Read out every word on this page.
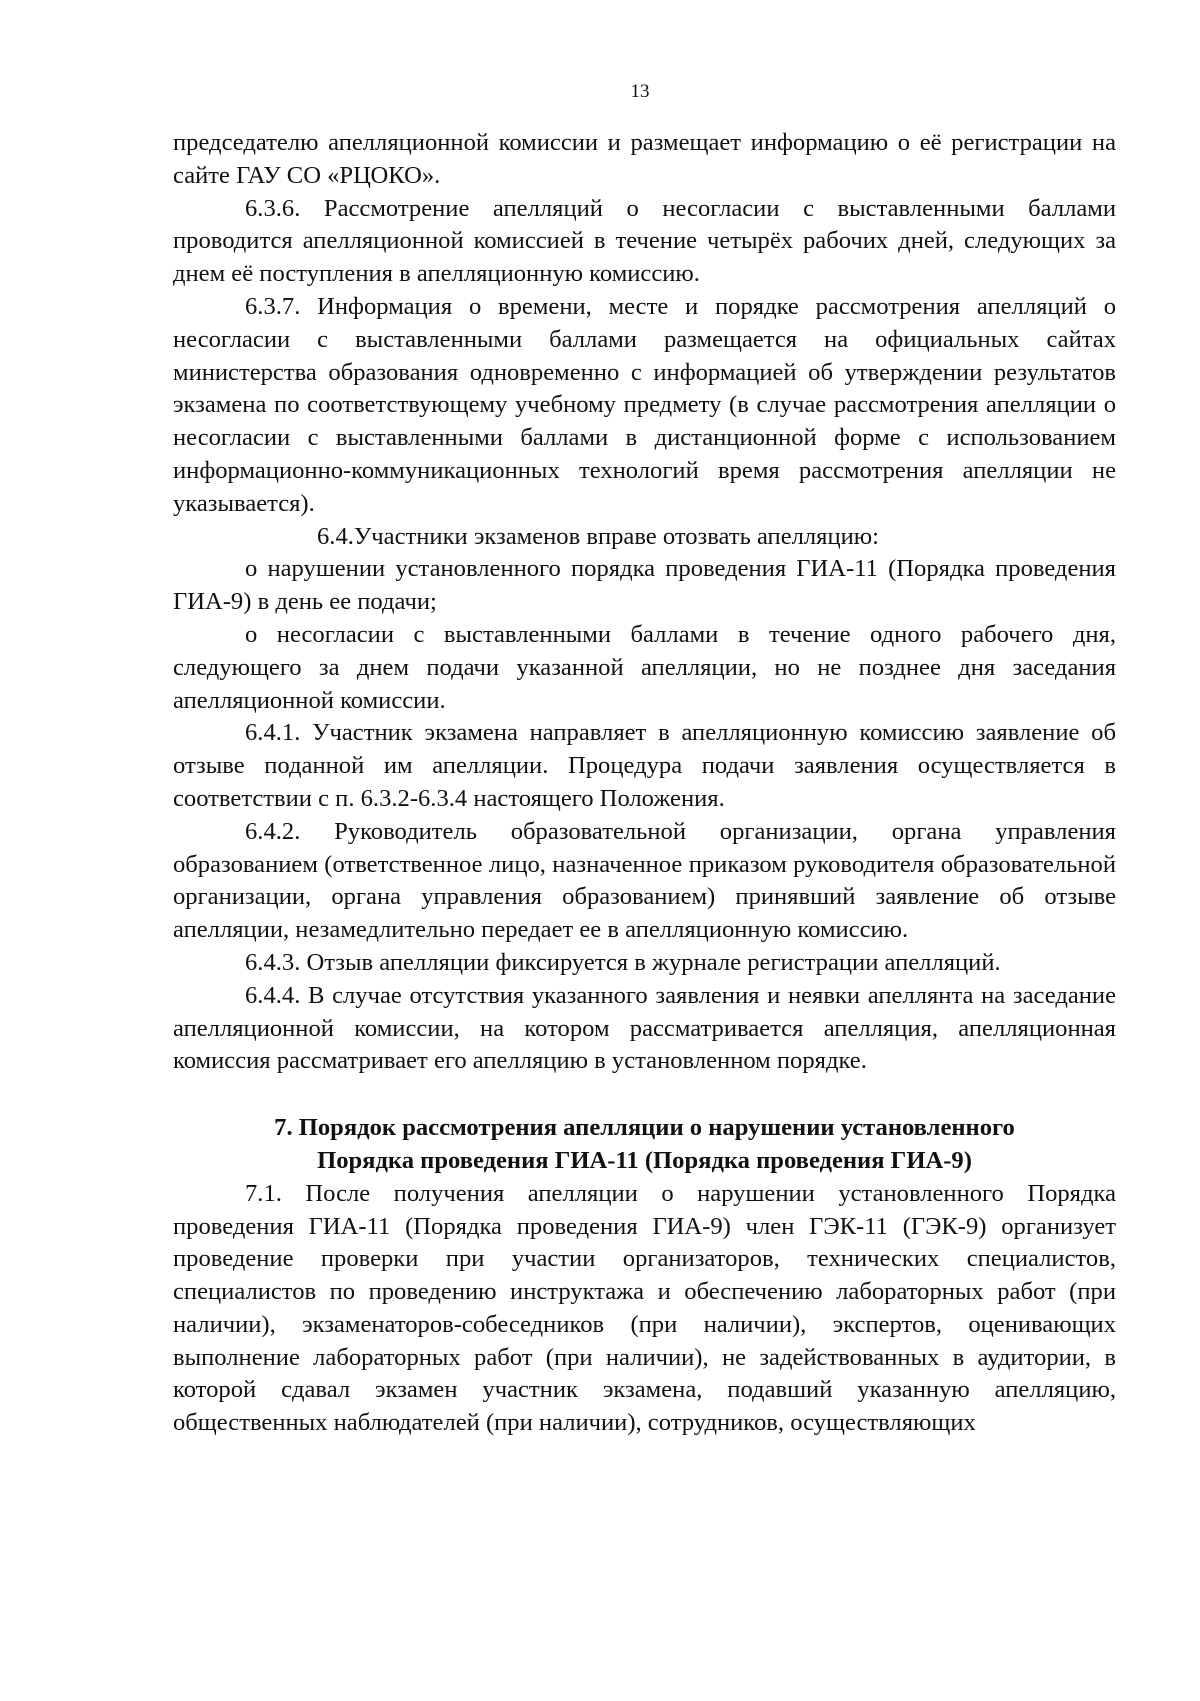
13

председателю апелляционной комиссии и размещает информацию о её регистрации на сайте ГАУ СО «РЦОКО».

6.3.6. Рассмотрение апелляций о несогласии с выставленными баллами проводится апелляционной комиссией в течение четырёх рабочих дней, следующих за днем её поступления в апелляционную комиссию.

6.3.7. Информация о времени, месте и порядке рассмотрения апелляций о несогласии с выставленными баллами размещается на официальных сайтах министерства образования одновременно с информацией об утверждении результатов экзамена по соответствующему учебному предмету (в случае рассмотрения апелляции о несогласии с выставленными баллами в дистанционной форме с использованием информационно-коммуникационных технологий время рассмотрения апелляции не указывается).

6.4.Участники экзаменов вправе отозвать апелляцию:

о нарушении установленного порядка проведения ГИА-11 (Порядка проведения ГИА-9) в день ее подачи;

о несогласии с выставленными баллами в течение одного рабочего дня, следующего за днем подачи указанной апелляции, но не позднее дня заседания апелляционной комиссии.

6.4.1. Участник экзамена направляет в апелляционную комиссию заявление об отзыве поданной им апелляции. Процедура подачи заявления осуществляется в соответствии с п. 6.3.2-6.3.4 настоящего Положения.

6.4.2. Руководитель образовательной организации, органа управления образованием (ответственное лицо, назначенное приказом руководителя образовательной организации, органа управления образованием) принявший заявление об отзыве апелляции, незамедлительно передает ее в апелляционную комиссию.

6.4.3. Отзыв апелляции фиксируется в журнале регистрации апелляций.

6.4.4. В случае отсутствия указанного заявления и неявки апеллянта на заседание апелляционной комиссии, на котором рассматривается апелляция, апелляционная комиссия рассматривает его апелляцию в установленном порядке.

7. Порядок рассмотрения апелляции о нарушении установленного
Порядка проведения ГИА-11 (Порядка проведения ГИА-9)

7.1. После получения апелляции о нарушении установленного Порядка проведения ГИА-11 (Порядка проведения ГИА-9) член ГЭК-11 (ГЭК-9) организует проведение проверки при участии организаторов, технических специалистов, специалистов по проведению инструктажа и обеспечению лабораторных работ (при наличии), экзаменаторов-собеседников (при наличии), экспертов, оценивающих выполнение лабораторных работ (при наличии), не задействованных в аудитории, в которой сдавал экзамен участник экзамена, подавший указанную апелляцию, общественных наблюдателей (при наличии), сотрудников, осуществляющих
